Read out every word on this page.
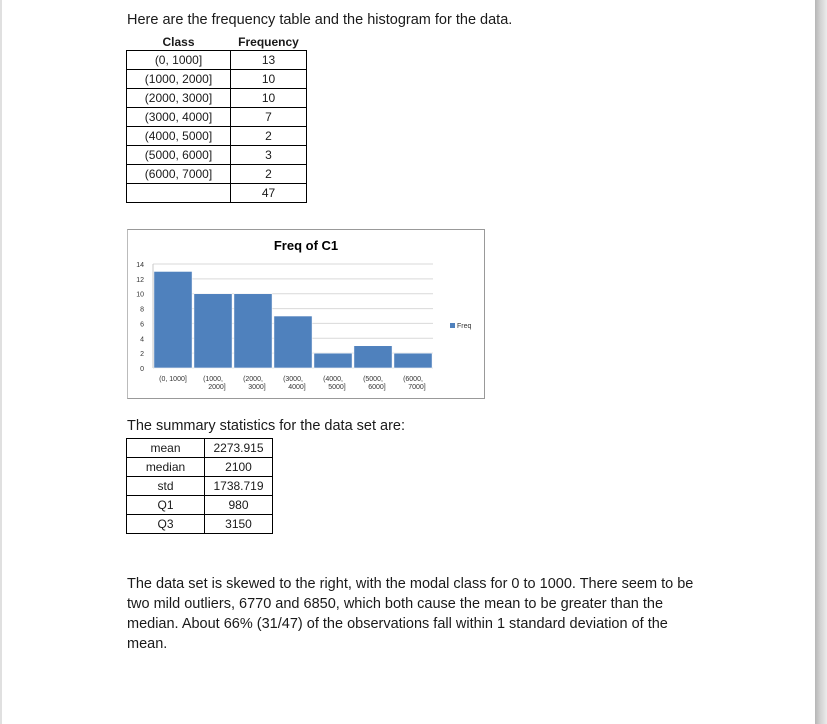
Here are the frequency table and the histogram for the data.
Class	Frequency
(0, 1000]	13
(1000, 2000]	10
(2000, 3000]	10
(3000, 4000]	7
(4000, 5000]	2
(5000, 6000]	3
(6000, 7000]	2
	47
Freq of C1
0
2
4
6
8
10
12
14
(0, 1000] (1000,
2000]
(2000,
3000]
(3000,
4000]
(4000,
5000]
(5000,
6000]
(6000,
7000]
Freq
The summary statistics for the data set are:
mean	2273.915
median	2100
std	1738.719
Q1	980
Q3	3150
The data set is skewed to the right, with the modal class for 0 to 1000. There seem to be two mild outliers, 6770 and 6850, which both cause the mean to be greater than the median. About 66% (31/47) of the observations fall within 1 standard deviation of the mean.
